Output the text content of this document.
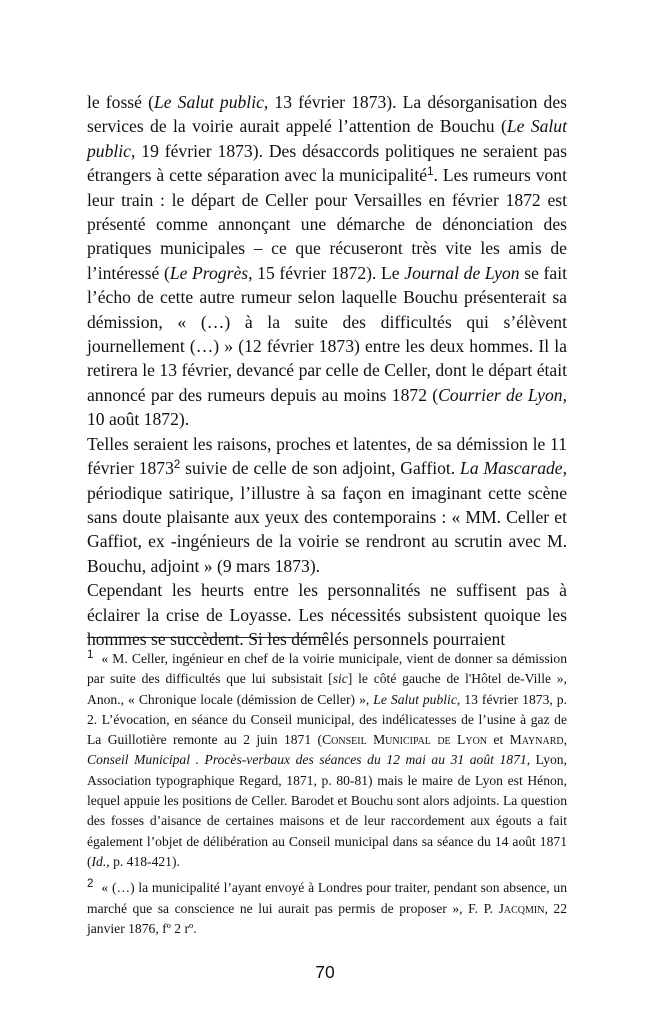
le fossé (Le Salut public, 13 février 1873). La désorganisation des services de la voirie aurait appelé l’attention de Bouchu (Le Salut public, 19 février 1873). Des désaccords politiques ne seraient pas étrangers à cette séparation avec la municipalité$^1$. Les rumeurs vont leur train : le départ de Celler pour Versailles en février 1872 est présenté comme annonçant une démarche de dénonciation des pratiques municipales – ce que récuseront très vite les amis de l’intéressé (Le Progrès, 15 février 1872). Le Journal de Lyon se fait l’écho de cette autre rumeur selon laquelle Bouchu présenterait sa démission, « (…) à la suite des difficultés qui s’élèvent journellement (…) » (12 février 1873) entre les deux hommes. Il la retirera le 13 février, devancé par celle de Celler, dont le départ était annoncé par des rumeurs depuis au moins 1872 (Courrier de Lyon, 10 août 1872).

Telles seraient les raisons, proches et latentes, de sa démission le 11 février 1873$^2$ suivie de celle de son adjoint, Gaffiot. La Mascarade, périodique satirique, l’illustre à sa façon en imaginant cette scène sans doute plaisante aux yeux des contemporains : « MM. Celler et Gaffiot, ex -ingénieurs de la voirie se rendront au scrutin avec M. Bouchu, adjoint » (9 mars 1873).

Cependant les heurts entre les personnalités ne suffisent pas à éclairer la crise de Loyasse. Les nécessités subsistent quoique les hommes se succèdent. Si les démêlés personnels pourraient

$^1$ « M. Celler, ingénieur en chef de la voirie municipale, vient de donner sa démission par suite des difficultés que lui subsistait [sic] le côté gauche de l'Hôtel de-Ville », Anon., « Chronique locale (démission de Celler) », Le Salut public, 13 février 1873, p. 2. L’évocation, en séance du Conseil municipal, des indélicatesses de l’usine à gaz de La Guillotière remonte au 2 juin 1871 (Conseil Municipal de Lyon et Maynard, Conseil Municipal . Procès-verbaux des séances du 12 mai au 31 août 1871, Lyon, Association typographique Regard, 1871, p. 80-81) mais le maire de Lyon est Hénon, lequel appuie les positions de Celler. Barodet et Bouchu sont alors adjoints. La question des fosses d’aisance de certaines maisons et de leur raccordement aux égouts a fait également l’objet de délibération au Conseil municipal dans sa séance du 14 août 1871 (Id., p. 418-421).

$^2$ « (…) la municipalité l’ayant envoyé à Londres pour traiter, pendant son absence, un marché que sa conscience ne lui aurait pas permis de proposer », F. P. Jacqmin, 22 janvier 1876, fº 2 rº.

70
